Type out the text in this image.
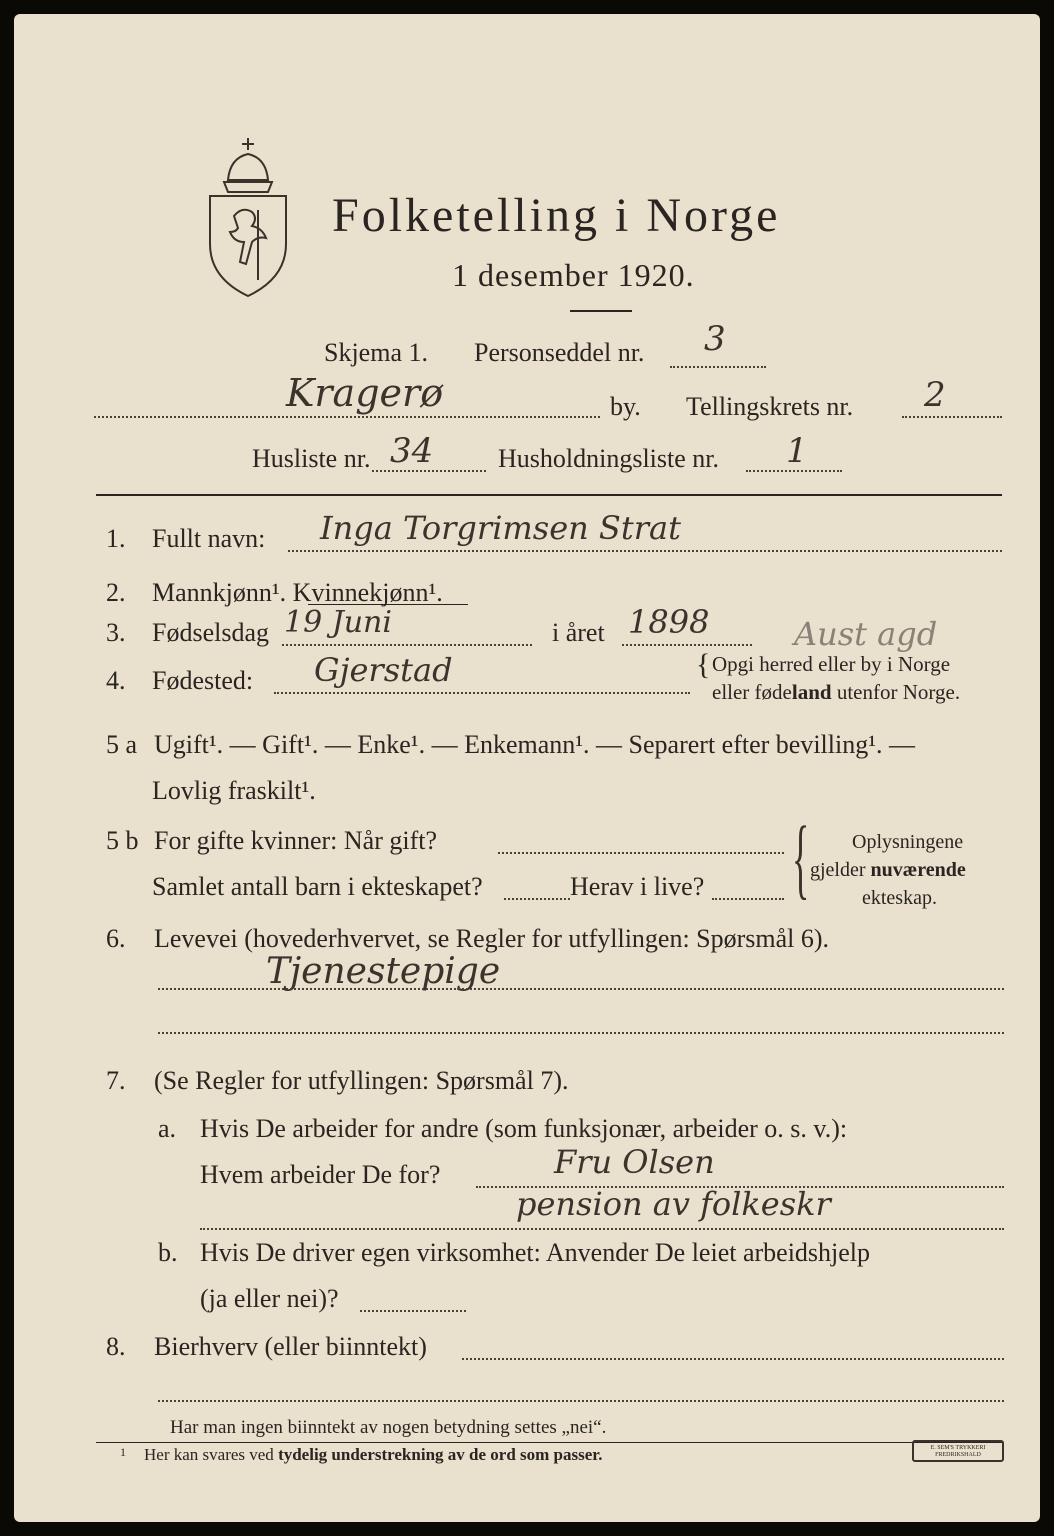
Folketelling i Norge
1 desember 1920.
Skjema 1. Personseddel nr. 3
Kragerø	by. Tellingskrets nr. 2
Husliste nr. 34 Husholdningsliste nr. 1
1. Fullt navn: Inga Torgrimsen Strat
2. Mannkjønn¹. Kvinnekjønn¹.
3. Fødselsdag 19 Juni	i året 1898	Aust agd
4. Fødested: Gjerstad	{ Opgi herred eller by i Norge
eller fødeland utenfor Norge.
5 a Ugift¹. — Gift¹. — Enke¹. — Enkemann¹. — Separert efter bevilling¹. —
Lovlig fraskilt¹.
5 b For gifte kvinner: Når gift?
Samlet antall barn i ekteskapet?	Herav i live? { Oplysningene
gjelder nuværende
ekteskap.
6. Levevei (hovederhvervet, se Regler for utfyllingen: Spørsmål 6).
Tjenestepige
7. (Se Regler for utfyllingen: Spørsmål 7).
a. Hvis De arbeider for andre (som funksjonær, arbeider o. s. v.):
Hvem arbeider De for?	Fru Olsen
pension av folkeskr
b. Hvis De driver egen virksomhet: Anvender De leiet arbeidshjelp
(ja eller nei)?
8. Bierhverv (eller biinntekt)
Har man ingen biinntekt av nogen betydning settes „nei“.
1 Her kan svares ved tydelig understrekning av de ord som passer.	E. SEM'S TRYKKERI FREDRIKSHALD
